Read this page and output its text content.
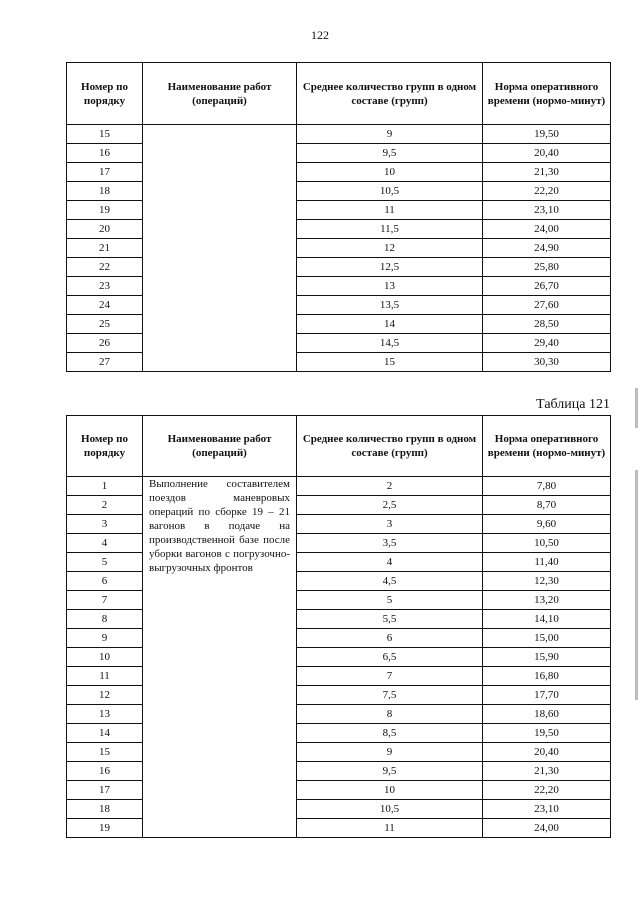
122
Номер по порядку	Наименование работ (операций)	Среднее количество групп в одном составе (групп)	Норма оперативного времени (нормо-минут)
15		9	19,50
16		9,5	20,40
17		10	21,30
18		10,5	22,20
19		11	23,10
20		11,5	24,00
21		12	24,90
22		12,5	25,80
23		13	26,70
24		13,5	27,60
25		14	28,50
26		14,5	29,40
27		15	30,30
Таблица 121
Номер по порядку	Наименование работ (операций)	Среднее количество групп в одном составе (групп)	Норма оперативного времени (нормо-минут)
1	Выполнение составителем поездов маневровых операций по сборке 19 – 21 вагонов в подаче на производственной базе после уборки вагонов с погрузочно-выгрузочных фронтов	2	7,80
2		2,5	8,70
3		3	9,60
4		3,5	10,50
5		4	11,40
6		4,5	12,30
7		5	13,20
8		5,5	14,10
9		6	15,00
10		6,5	15,90
11		7	16,80
12		7,5	17,70
13		8	18,60
14		8,5	19,50
15		9	20,40
16		9,5	21,30
17		10	22,20
18		10,5	23,10
19		11	24,00
